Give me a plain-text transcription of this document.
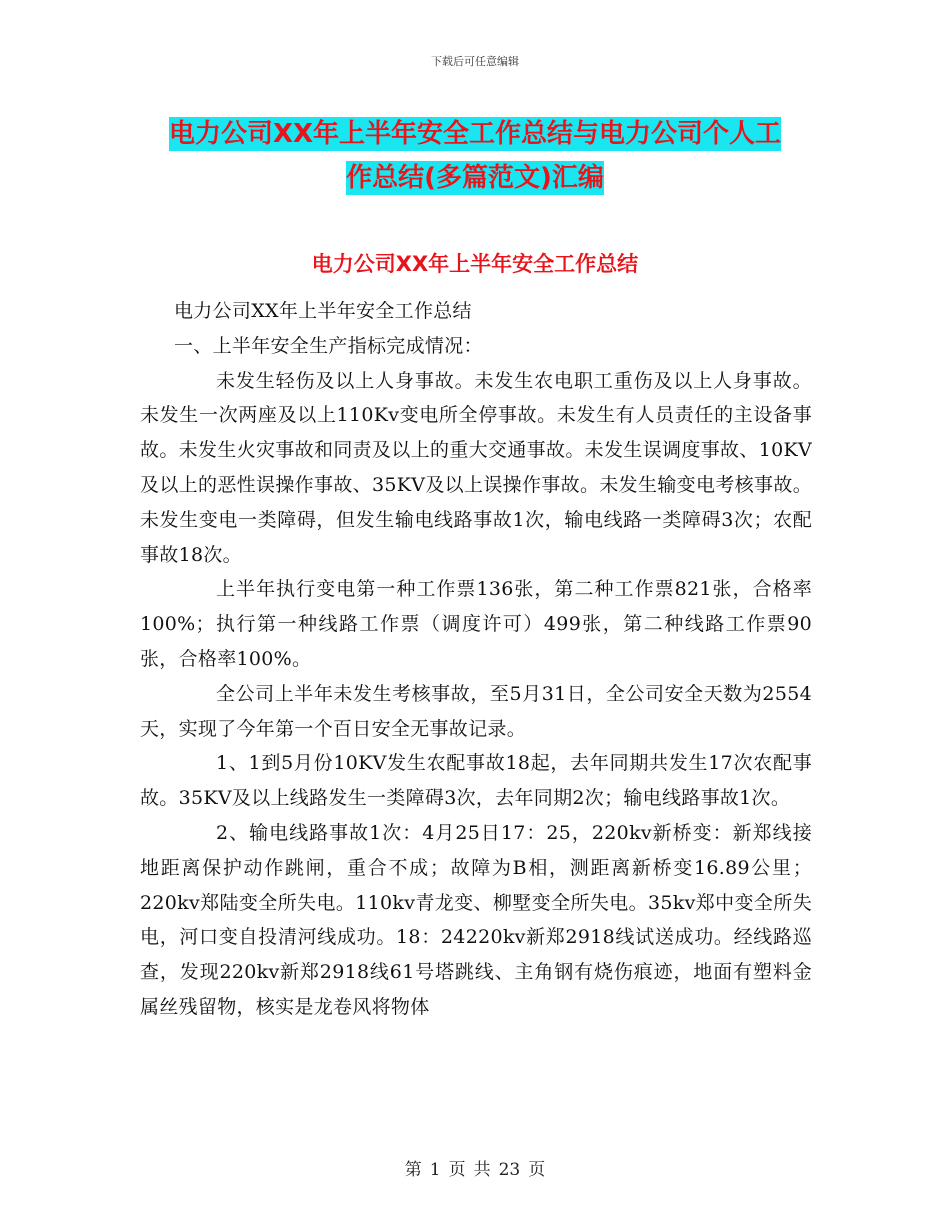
下载后可任意编辑
电力公司XX年上半年安全工作总结与电力公司个人工
作总结(多篇范文)汇编
电力公司XX年上半年安全工作总结

电力公司XX年上半年安全工作总结

一、上半年安全生产指标完成情况：

未发生轻伤及以上人身事故。未发生农电职工重伤及以上人身事故。未发生一次两座及以上110Kv变电所全停事故。未发生有人员责任的主设备事故。未发生火灾事故和同责及以上的重大交通事故。未发生误调度事故、10KV及以上的恶性误操作事故、35KV及以上误操作事故。未发生输变电考核事故。未发生变电一类障碍，但发生输电线路事故1次，输电线路一类障碍3次；农配事故18次。

上半年执行变电第一种工作票136张，第二种工作票821张，合格率100%；执行第一种线路工作票（调度许可）499张，第二种线路工作票90张，合格率100%。

全公司上半年未发生考核事故，至5月31日，全公司安全天数为2554天，实现了今年第一个百日安全无事故记录。

1、1到5月份10KV发生农配事故18起，去年同期共发生17次农配事故。35KV及以上线路发生一类障碍3次，去年同期2次；输电线路事故1次。

2、输电线路事故1次：4月25日17：25，220kv新桥变：新郑线接地距离保护动作跳闸，重合不成；故障为B相，测距离新桥变16.89公里；220kv郑陆变全所失电。110kv青龙变、柳墅变全所失电。35kv郑中变全所失电，河口变自投清河线成功。18：24220kv新郑2918线试送成功。经线路巡查，发现220kv新郑2918线61号塔跳线、主角钢有烧伤痕迹，地面有塑料金属丝残留物，核实是龙卷风将物体

第 1 页 共 23 页
